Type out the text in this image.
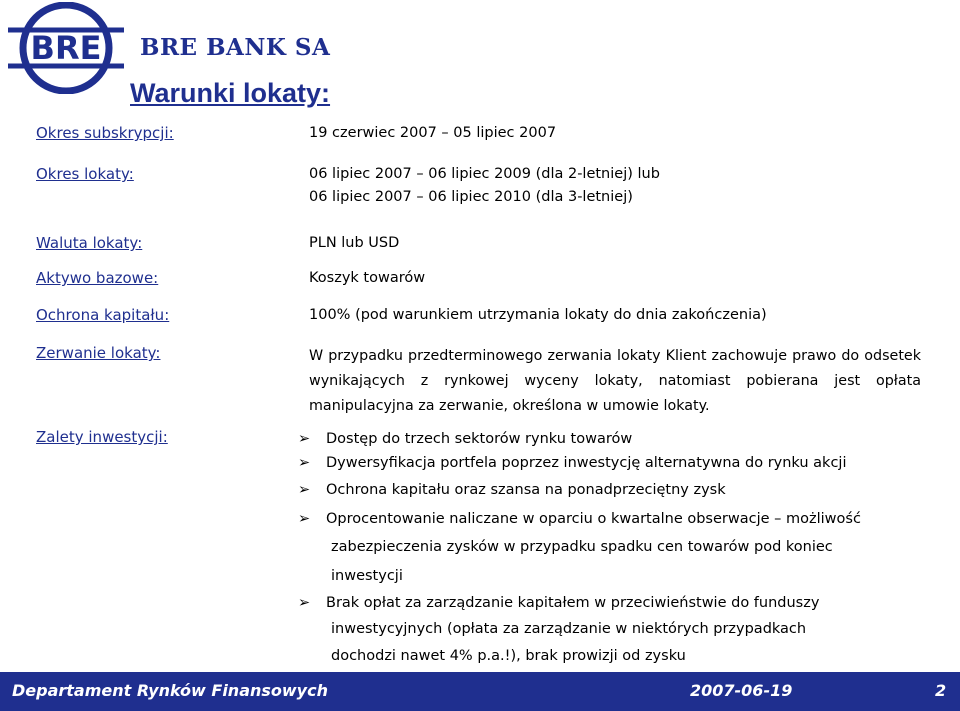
BRE BRE BANK SA
Warunki lokaty:
Okres subskrypcji:
Okres lokaty:
Waluta lokaty:
Aktywo bazowe:
Ochrona kapitału:
Zerwanie lokaty:
Zalety inwestycji:
19 czerwiec 2007 – 05 lipiec 2007
06 lipiec 2007 – 06 lipiec 2009 (dla 2-letniej) lub
06 lipiec 2007 – 06 lipiec 2010 (dla 3-letniej)
PLN lub USD
Koszyk towarów
100% (pod warunkiem utrzymania lokaty do dnia zakończenia)

W przypadku przedterminowego zerwania lokaty Klient zachowuje prawo do odsetek wynikających z rynkowej wyceny lokaty, natomiast pobierana jest opłata manipulacyjna za zerwanie, określona w umowie lokaty.

➢ Dostęp do trzech sektorów rynku towarów
➢ Dywersyfikacja portfela poprzez inwestycję alternatywna do rynku akcji
➢ Ochrona kapitału oraz szansa na ponadprzeciętny zysk
➢ Oprocentowanie naliczane w oparciu o kwartalne obserwacje – możliwość
zabezpieczenia zysków w przypadku spadku cen towarów pod koniec
inwestycji
➢ Brak opłat za zarządzanie kapitałem w przeciwieństwie do funduszy
inwestycyjnych (opłata za zarządzanie w niektórych przypadkach
dochodzi nawet 4% p.a.!), brak prowizji od zysku
Departament Rynków Finansowych	2007-06-19	2
